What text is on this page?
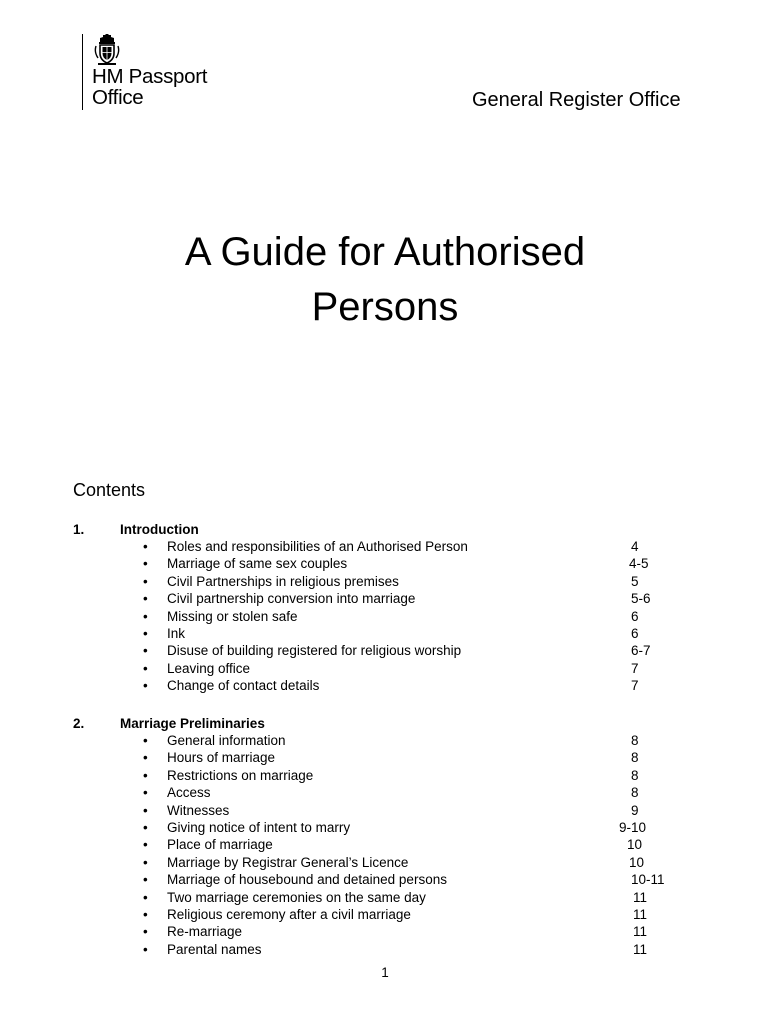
HM Passport
Office	General Register Office
A Guide for Authorised
Persons
Contents
1.	Introduction
• Roles and responsibilities of an Authorised Person	4
• Marriage of same sex couples	4-5
• Civil Partnerships in religious premises	5
• Civil partnership conversion into marriage	5-6
• Missing or stolen safe	6
• Ink	6
• Disuse of building registered for religious worship	6-7
• Leaving office	7
• Change of contact details	7
2.	Marriage Preliminaries
• General information	8
• Hours of marriage	8
• Restrictions on marriage	8
• Access	8
• Witnesses	9
• Giving notice of intent to marry	9-10
• Place of marriage	10
• Marriage by Registrar General’s Licence	10
• Marriage of housebound and detained persons	10-11
• Two marriage ceremonies on the same day	11
• Religious ceremony after a civil marriage	11
• Re-marriage	11
• Parental names	11
1
